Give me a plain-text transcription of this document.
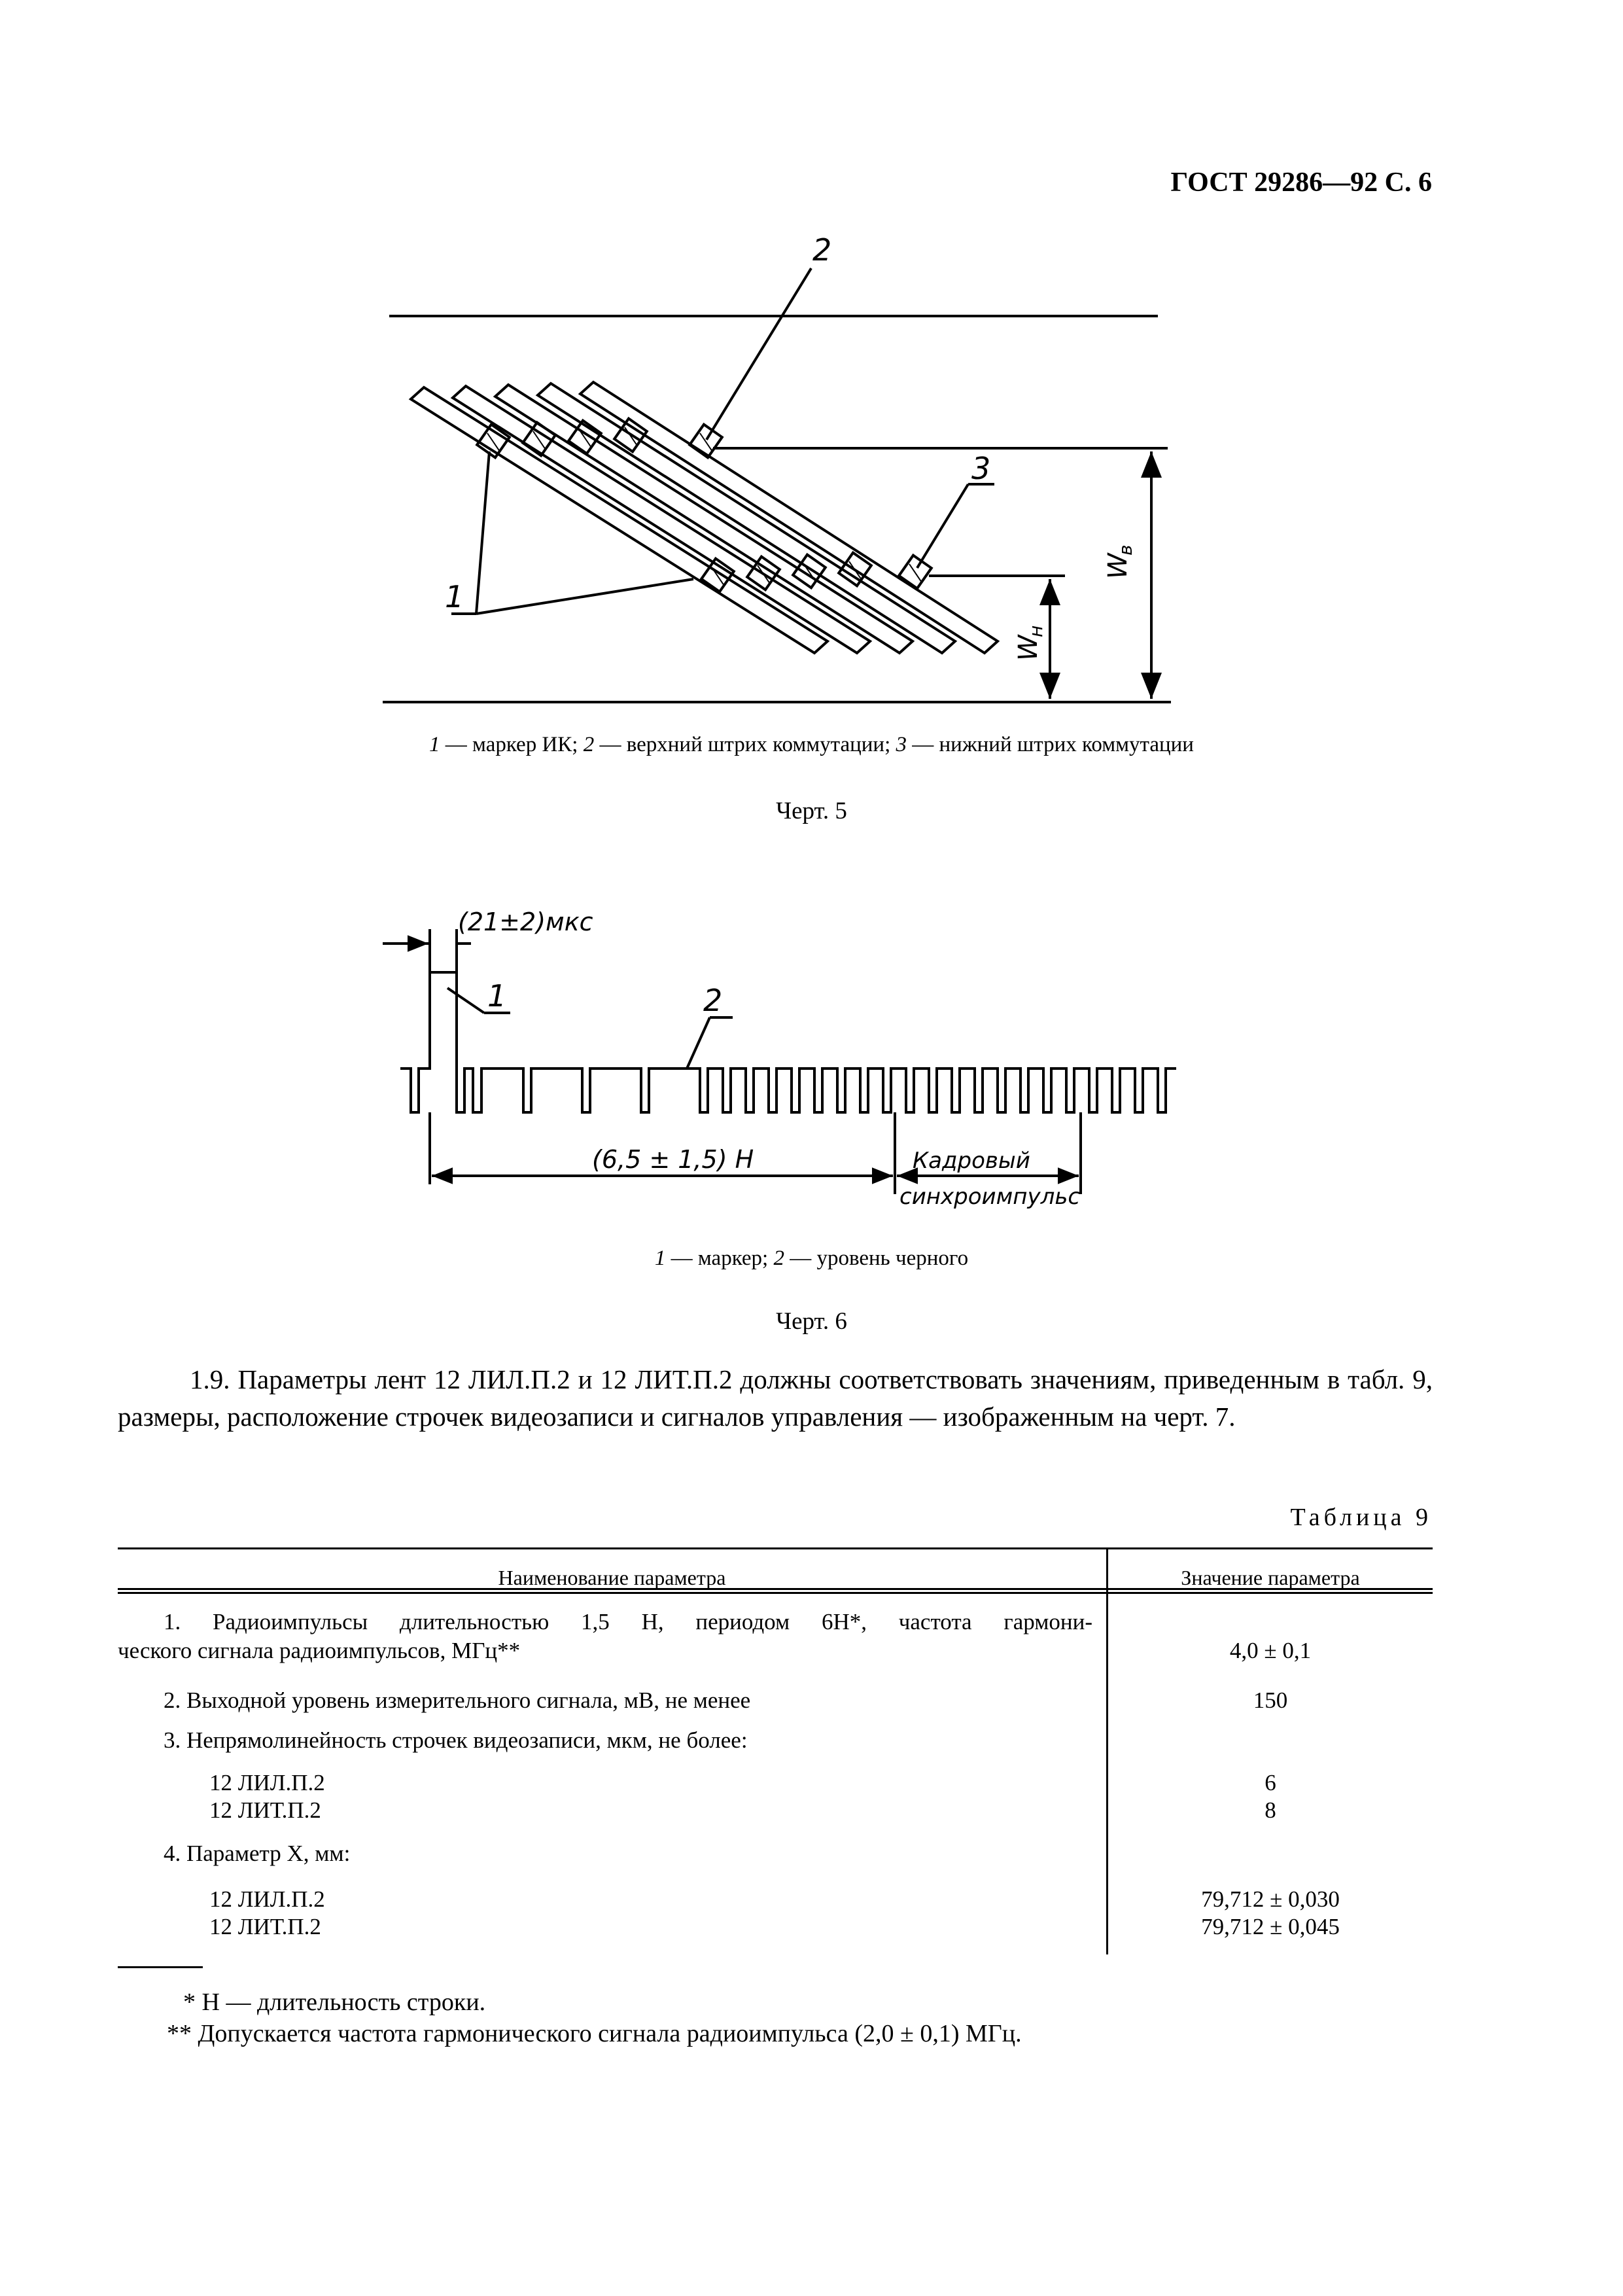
ГОСТ 29286—92 С. 6
2
3
1
W
в
W
н
1 — маркер ИК; 2 — верхний штрих коммутации; 3 — нижний штрих коммутации
Черт. 5
(21±2)мкс
1	2
(6,5 ± 1,5) H	Кадровый
синхроимпульс
1 — маркер; 2 — уровень черного
Черт. 6
1.9. Параметры лент 12 ЛИЛ.П.2 и 12 ЛИТ.П.2 должны соответствовать значениям, приведенным в табл. 9, размеры, расположение строчек видеозаписи и сигналов управления — изображенным на черт. 7.
Таблица 9
Наименование параметра	Значение параметра
1. Радиоимпульсы длительностью 1,5 H, периодом 6H*, частота гармони-
ческого сигнала радиоимпульсов, МГц**	4,0 ± 0,1
2. Выходной уровень измерительного сигнала, мВ, не менее	150
3. Непрямолинейность строчек видеозаписи, мкм, не более:
12 ЛИЛ.П.2	6
12 ЛИТ.П.2	8
4. Параметр X, мм:
12 ЛИЛ.П.2	79,712 ± 0,030
12 ЛИТ.П.2	79,712 ± 0,045
* H — длительность строки.
** Допускается частота гармонического сигнала радиоимпульса (2,0 ± 0,1) МГц.
